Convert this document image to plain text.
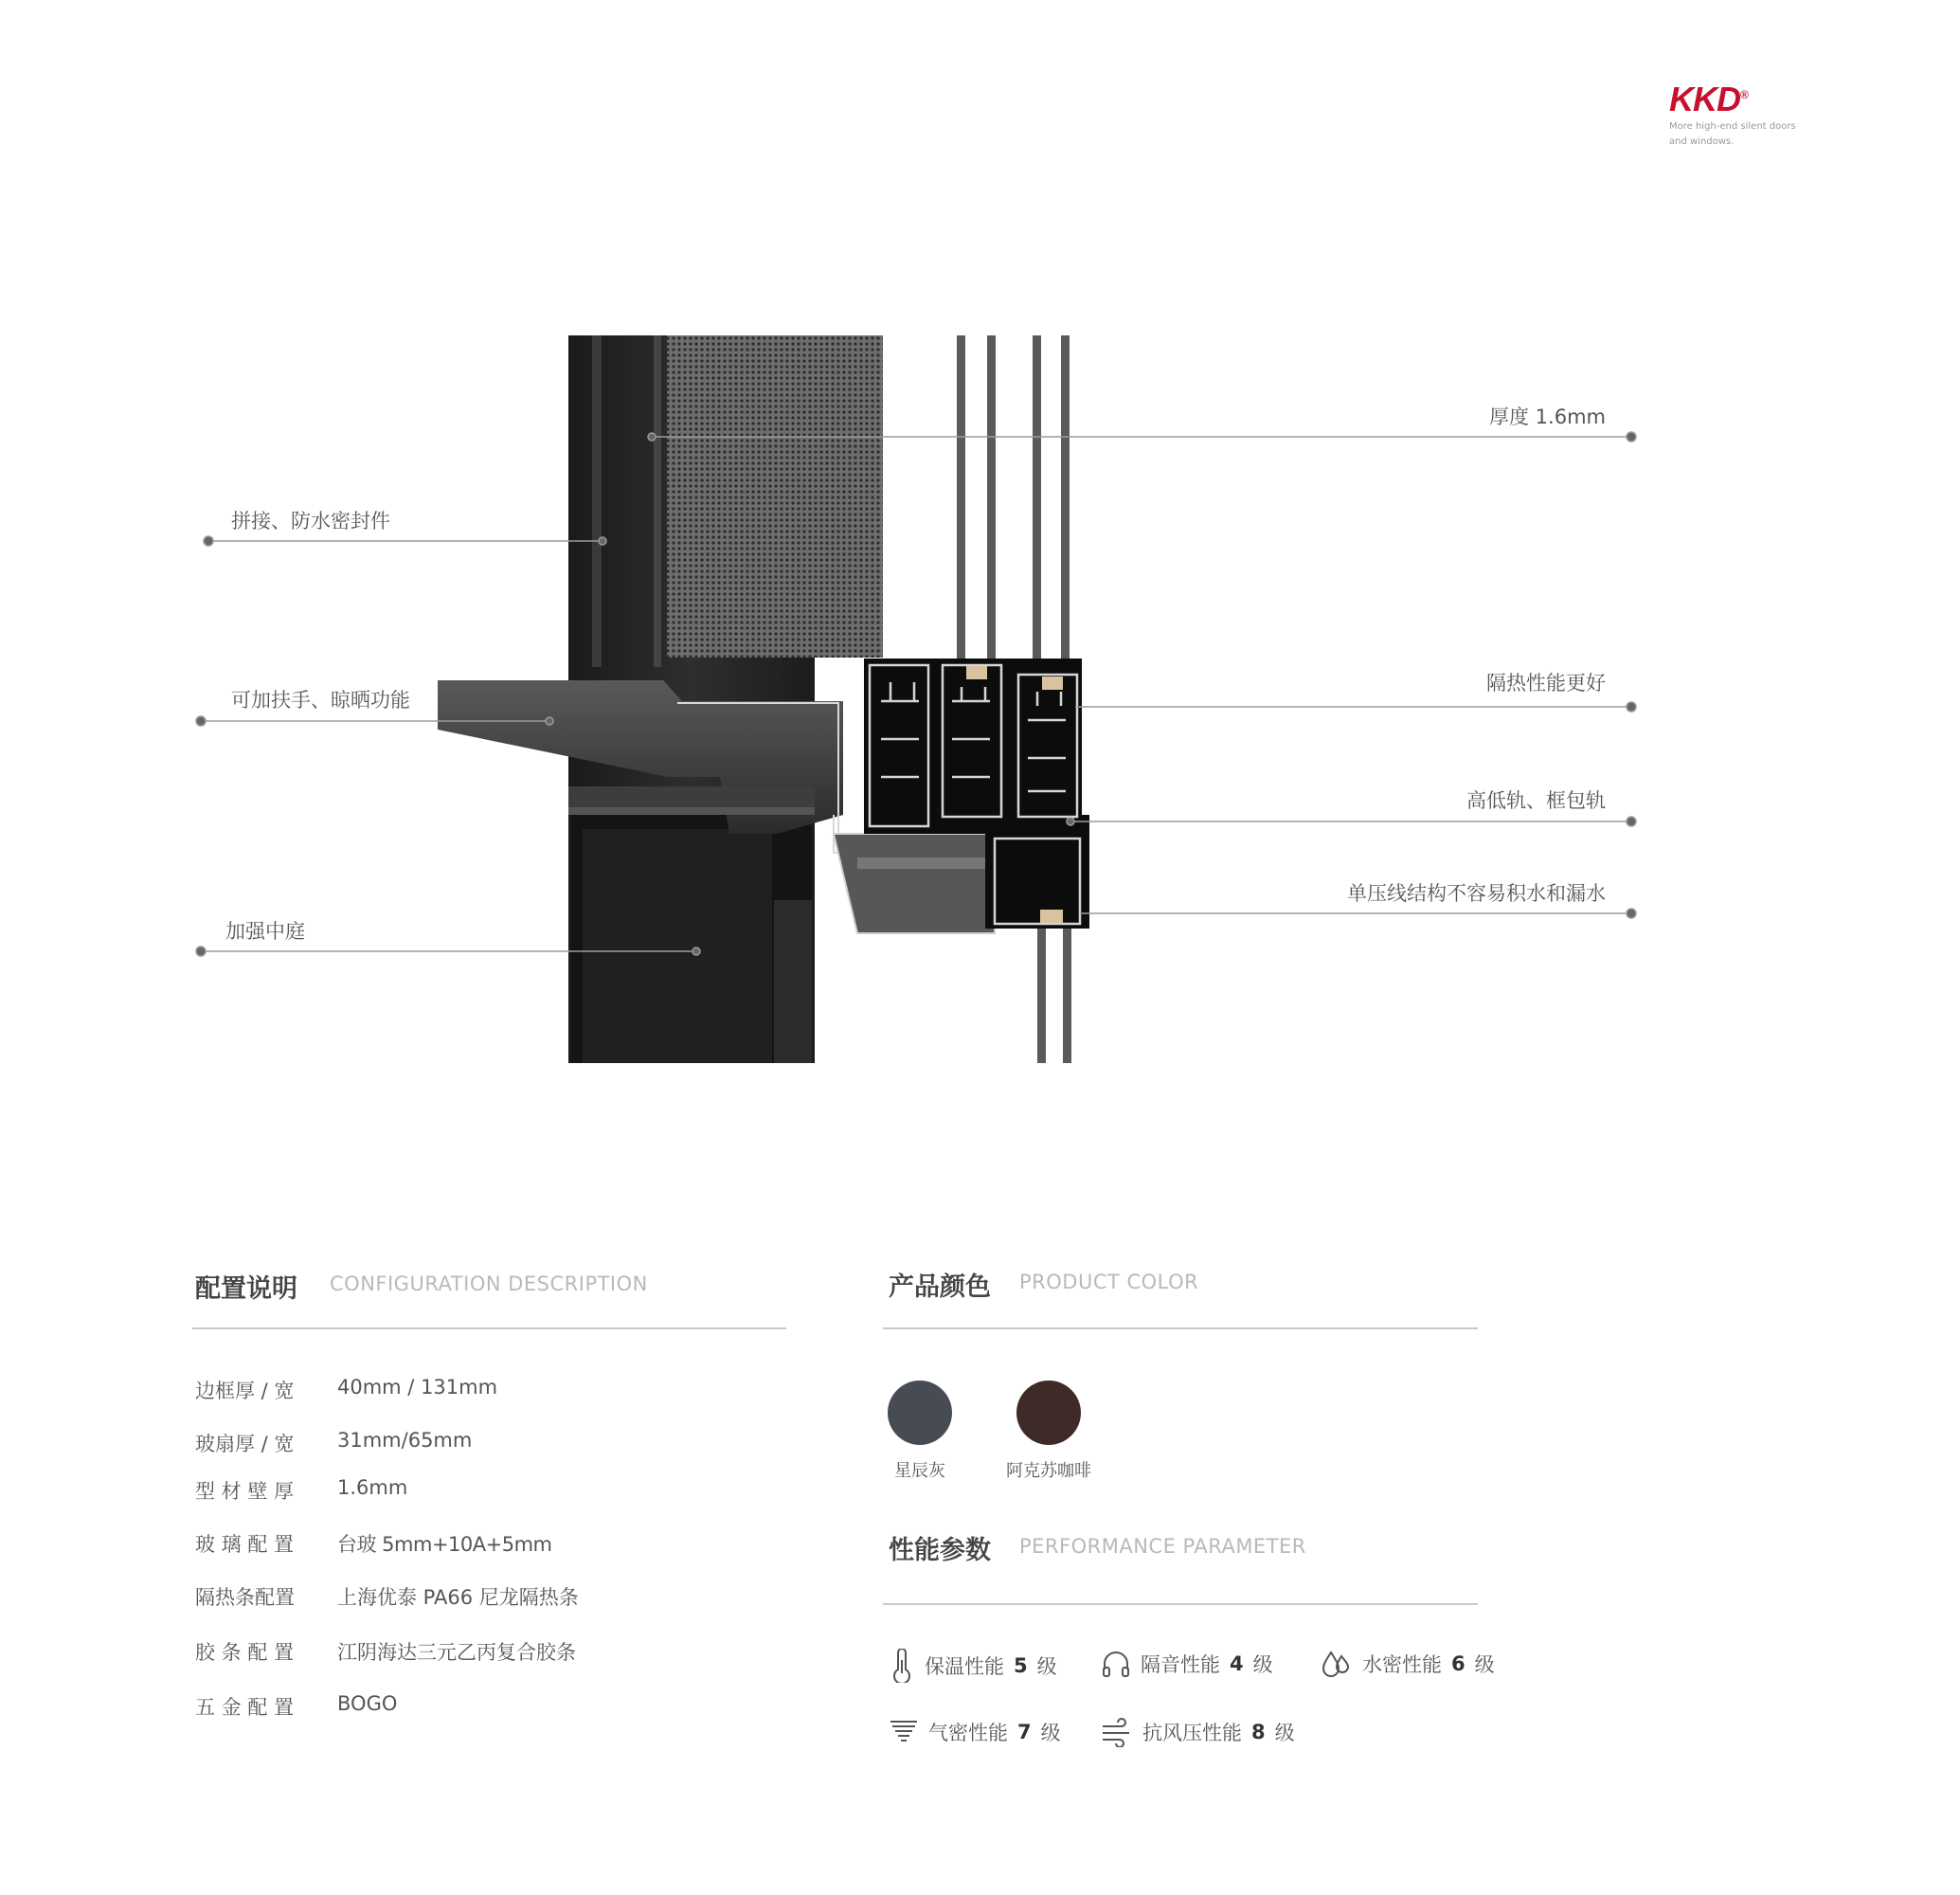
KKD®
More high-end silent doors and windows.
拼接、防水密封件
可加扶手、晾晒功能
加强中庭
厚度 1.6mm
隔热性能更好
高低轨、框包轨
单压线结构不容易积水和漏水
配置说明 CONFIGURATION DESCRIPTION
边框厚 / 宽 40mm / 131mm
玻扇厚 / 宽 31mm/65mm
型 材 壁 厚 1.6mm
玻 璃 配 置 台玻 5mm+10A+5mm
隔热条配置 上海优泰 PA66 尼龙隔热条
胶 条 配 置 江阴海达三元乙丙复合胶条
五 金 配 置 BOGO
产品颜色 PRODUCT COLOR
星辰灰	阿克苏咖啡
性能参数 PERFORMANCE PARAMETER
保温性能 5 级	隔音性能 4 级	水密性能 6 级
气密性能 7 级	抗风压性能 8 级
